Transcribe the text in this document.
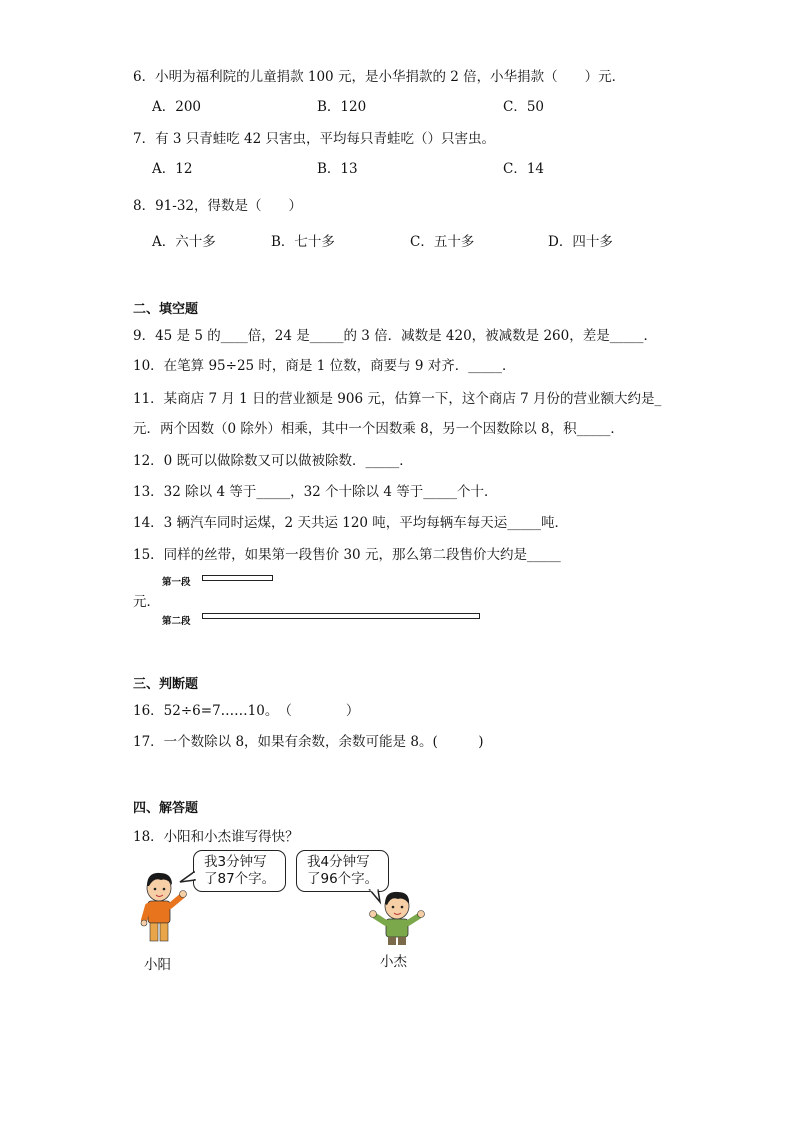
6．小明为福利院的儿童捐款 100 元，是小华捐款的 2 倍，小华捐款（　　）元．
A．200	B．120	C．50
7．有 3 只青蛙吃 42 只害虫，平均每只青蛙吃（）只害虫。
A．12	B．13	C．14
8．91-32，得数是（　　）
A．六十多	B．七十多	C．五十多	D．四十多
二、填空题
9．45 是 5 的____倍，24 是_____的 3 倍．减数是 420，被减数是 260，差是_____．
10．在笔算 95÷25 时，商是 1 位数，商要与 9 对齐．_____．
11．某商店 7 月 1 日的营业额是 906 元，估算一下，这个商店 7 月份的营业额大约是_
元．两个因数（0 除外）相乘，其中一个因数乘 8，另一个因数除以 8，积_____．
12．0 既可以做除数又可以做被除数．_____．
13．32 除以 4 等于_____，32 个十除以 4 等于_____个十．
14．3 辆汽车同时运煤，2 天共运 120 吨，平均每辆车每天运_____吨．
15．同样的丝带，如果第一段售价 30 元，那么第二段售价大约是_____
第一段
元．
第二段
三、判断题
16．52÷6=7……10。　（　　　　）
17．一个数除以 8，如果有余数，余数可能是 8。(　　　)
四、解答题
18．小阳和小杰谁写得快？
我3分钟写
了87个字。
我4分钟写
了96个字。
小阳	小杰
